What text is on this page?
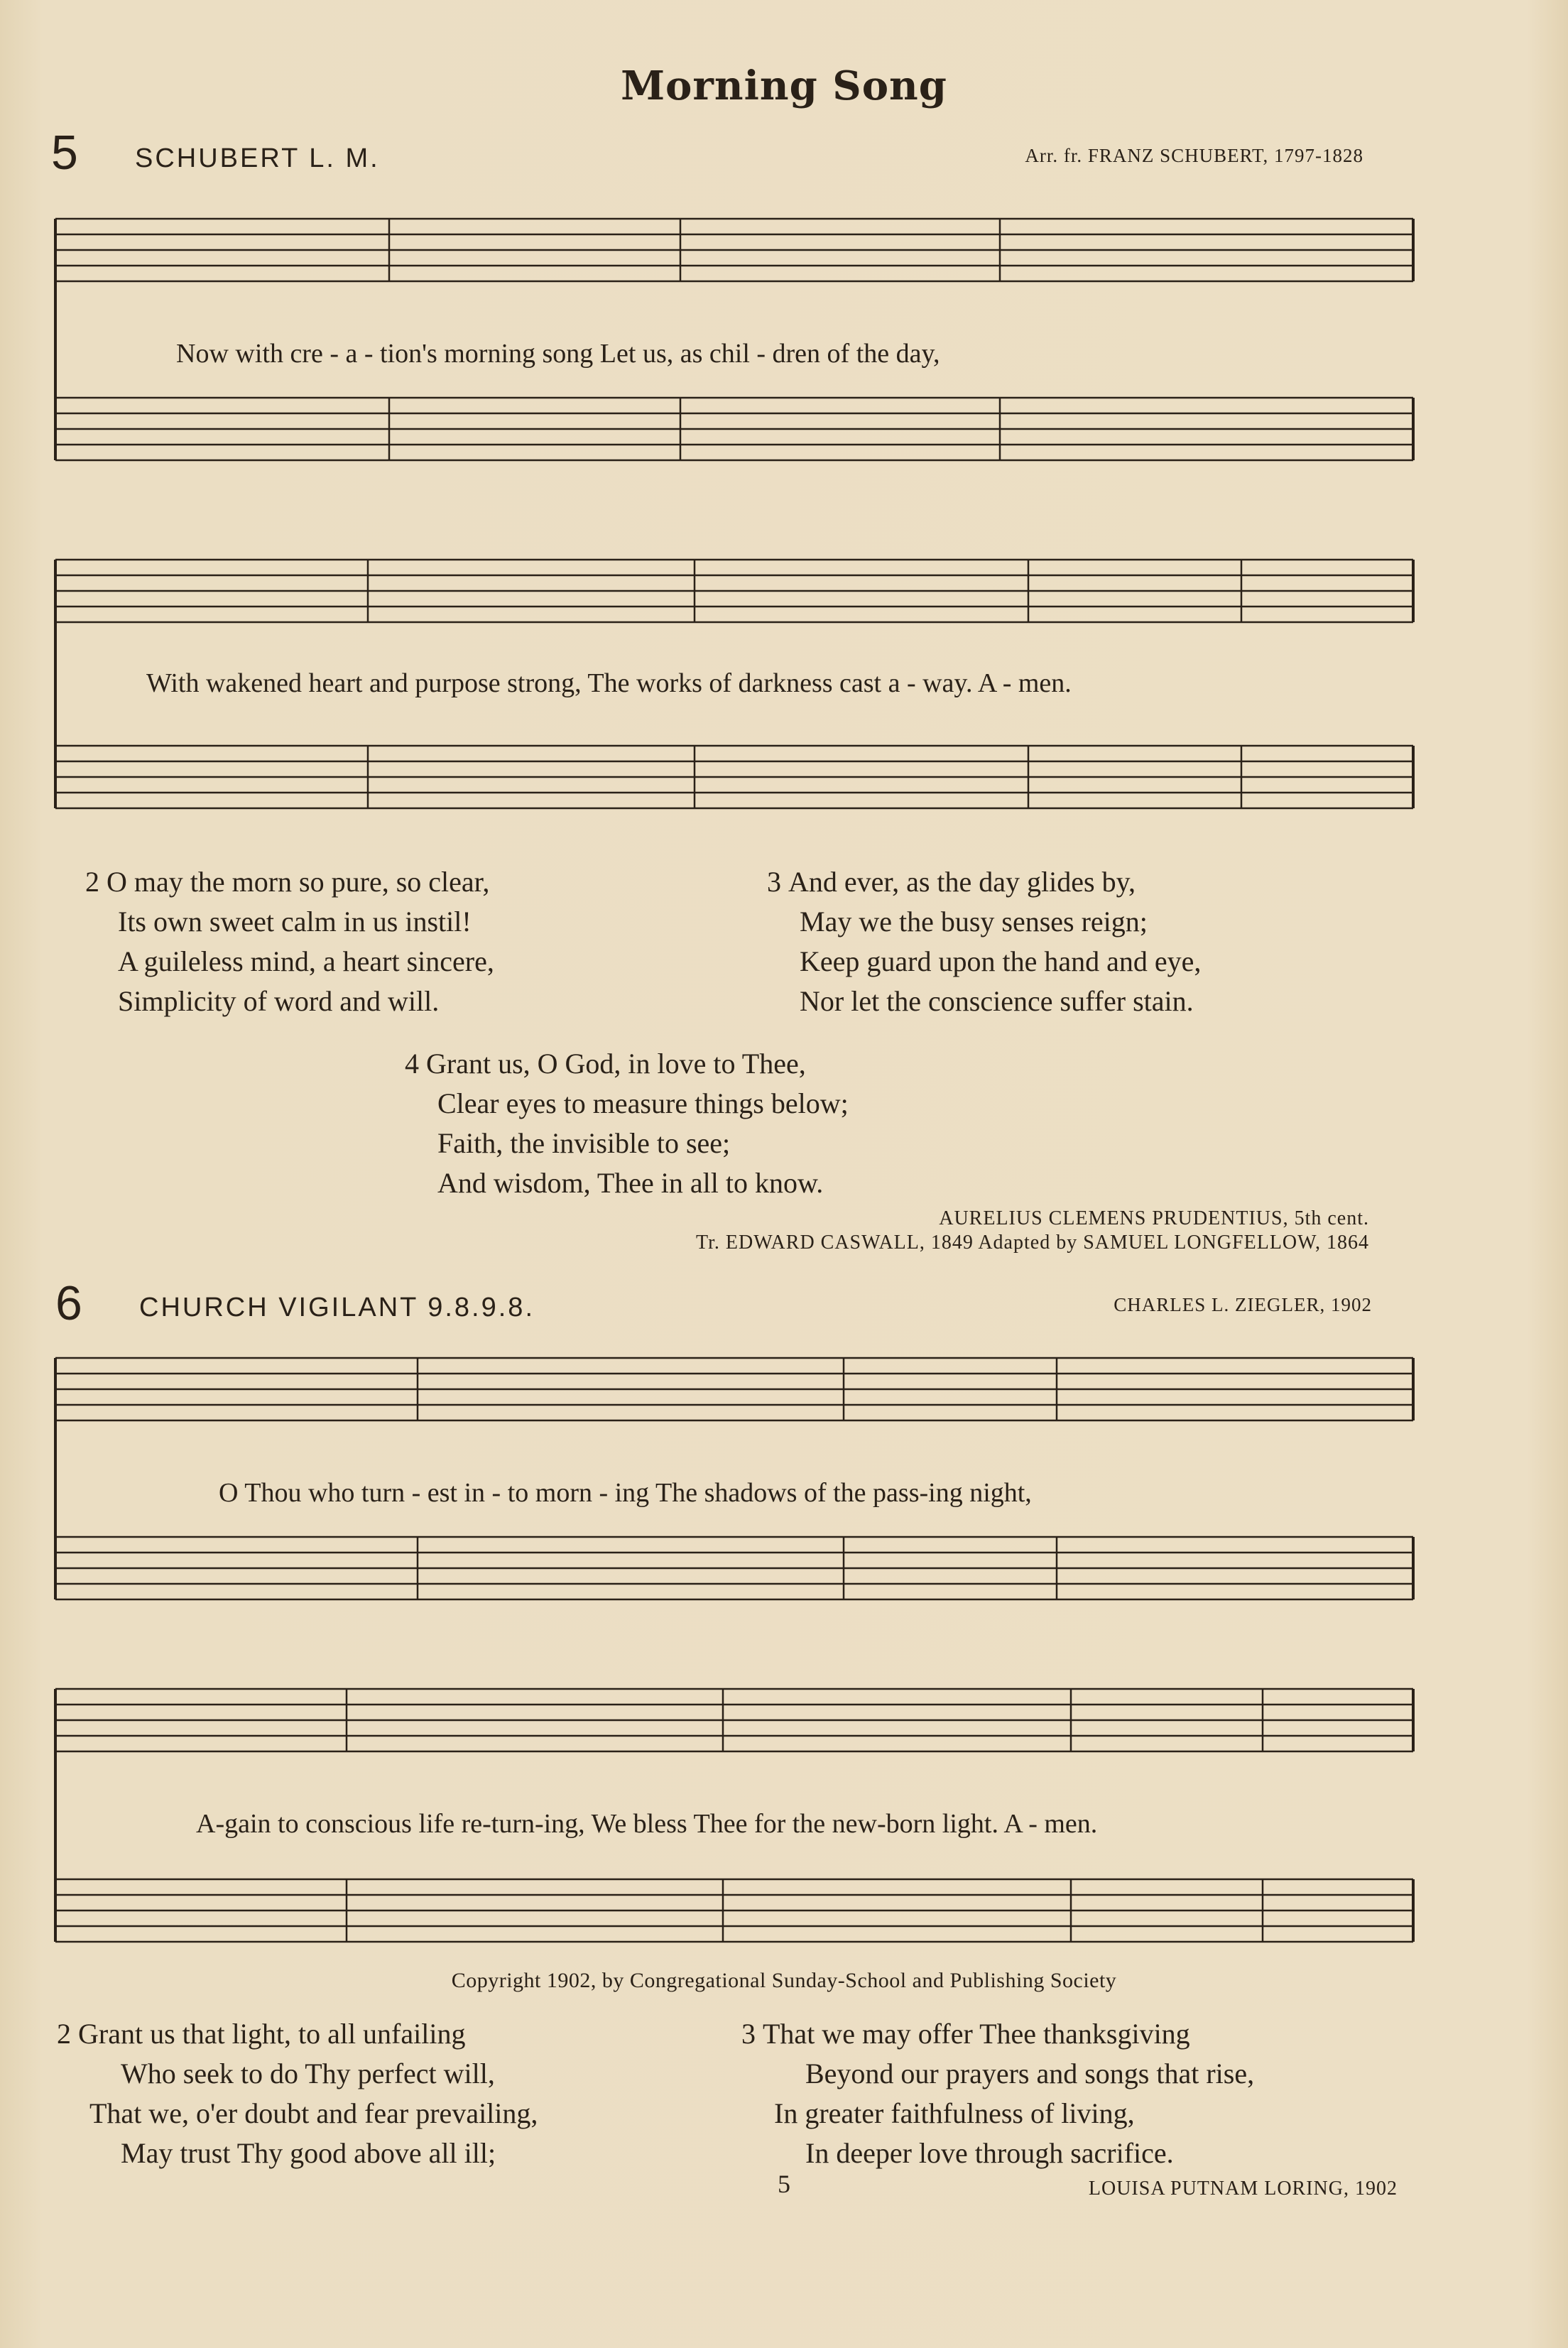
Morning Song
5 SCHUBERT L. M.	Arr. fr. FRANZ SCHUBERT, 1797-1828
Now with cre - a - tion's morning song Let us, as chil - dren of the day,
With wakened heart and purpose strong, The works of darkness cast a - way. A - men.
2 O may the morn so pure, so clear,
Its own sweet calm in us instil!
A guileless mind, a heart sincere,
Simplicity of word and will.
3 And ever, as the day glides by,
May we the busy senses reign;
Keep guard upon the hand and eye,
Nor let the conscience suffer stain.
4 Grant us, O God, in love to Thee,
Clear eyes to measure things below;
Faith, the invisible to see;
And wisdom, Thee in all to know.
AURELIUS CLEMENS PRUDENTIUS, 5th cent.
Tr. EDWARD CASWALL, 1849 Adapted by SAMUEL LONGFELLOW, 1864
6 CHURCH VIGILANT 9.8.9.8.	CHARLES L. ZIEGLER, 1902
O Thou who turn - est in - to morn - ing The shadows of the pass-ing night,
A-gain to conscious life re-turn-ing, We bless Thee for the new-born light. A - men.
Copyright 1902, by Congregational Sunday-School and Publishing Society
2 Grant us that light, to all unfailing
Who seek to do Thy perfect will,
That we, o'er doubt and fear prevailing,
May trust Thy good above all ill;
3 That we may offer Thee thanksgiving
Beyond our prayers and songs that rise,
In greater faithfulness of living,
In deeper love through sacrifice.
5	LOUISA PUTNAM LORING, 1902
